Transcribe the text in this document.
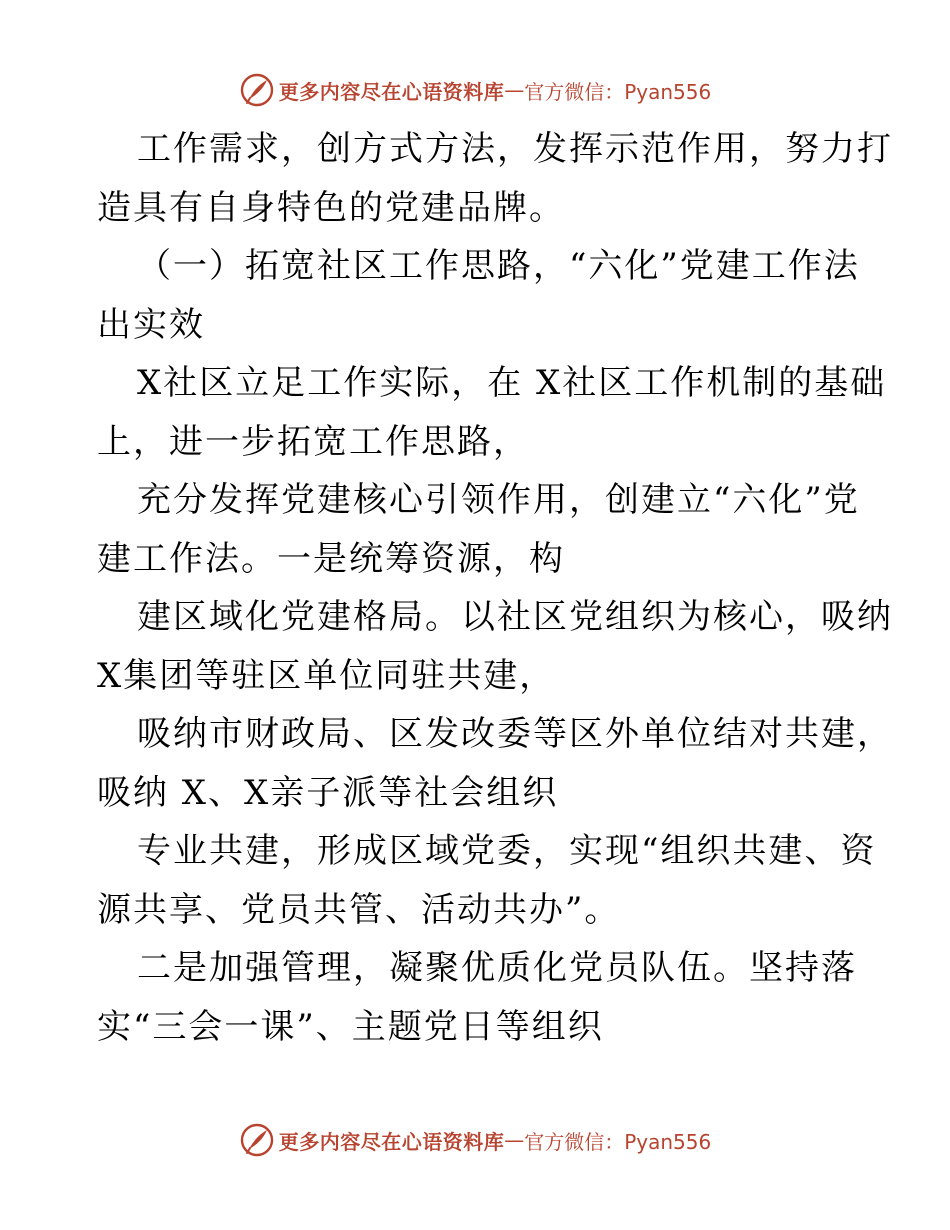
更多内容尽在心语资料库 — 官方微信：Pyan556

工作需求，创方式方法，发挥示范作用，努力打

造具有自身特色的党建品牌。

（一）拓宽社区工作思路，“六化”党建工作法

出实效

X社区立足工作实际，在 X社区工作机制的基础

上，进一步拓宽工作思路，

充分发挥党建核心引领作用，创建立“六化”党

建工作法。一是统筹资源，构

建区域化党建格局。以社区党组织为核心，吸纳

X集团等驻区单位同驻共建，

吸纳市财政局、区发改委等区外单位结对共建，

吸纳 X、X亲子派等社会组织

专业共建，形成区域党委，实现“组织共建、资

源共享、党员共管、活动共办”。

二是加强管理，凝聚优质化党员队伍。坚持落

实“三会一课”、主题党日等组织

更多内容尽在心语资料库 — 官方微信：Pyan556
